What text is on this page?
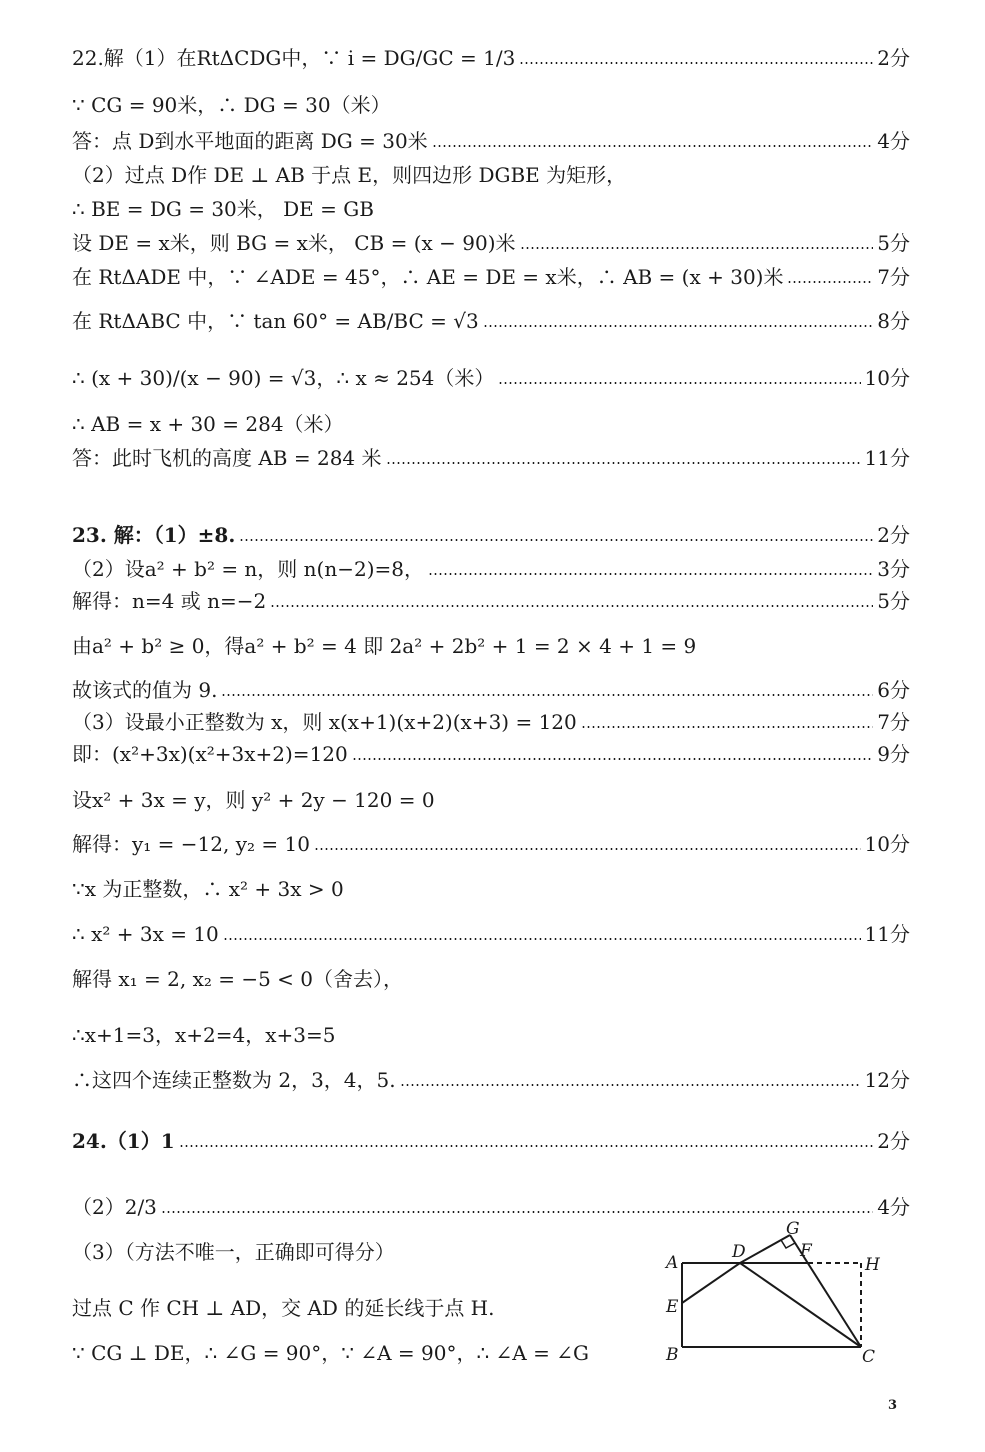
22.解（1）在RtΔCDG中，∵ i = DG/GC = 1/3	2分
∵ CG = 90米，∴ DG = 30（米）
答：点 D到水平地面的距离 DG = 30米	4分
（2）过点 D作 DE ⊥ AB 于点 E，则四边形 DGBE 为矩形，
∴ BE = DG = 30米， DE = GB
设 DE = x米，则 BG = x米， CB = (x − 90)米	5分
在 RtΔADE 中，∵ ∠ADE = 45°，∴ AE = DE = x米，∴ AB = (x + 30)米	7分
在 RtΔABC 中，∵ tan 60° = AB/BC = √3	8分
∴ (x + 30)/(x − 90) = √3，∴ x ≈ 254（米）	10分
∴ AB = x + 30 = 284（米）
答：此时飞机的高度 AB = 284 米	11分
23. 解：（1）±8.	2分
（2）设a² + b² = n，则 n(n−2)=8，	3分
解得：n=4 或 n=−2	5分
由a² + b² ≥ 0，得a² + b² = 4 即 2a² + 2b² + 1 = 2 × 4 + 1 = 9
故该式的值为 9.	6分
（3）设最小正整数为 x，则 x(x+1)(x+2)(x+3) = 120	7分
即：(x²+3x)(x²+3x+2)=120	9分
设x² + 3x = y，则 y² + 2y − 120 = 0
解得：y₁ = −12, y₂ = 10	10分
∵x 为正整数，∴ x² + 3x > 0
∴ x² + 3x = 10	11分
解得 x₁ = 2, x₂ = −5 < 0（舍去），
∴x+1=3，x+2=4，x+3=5
∴这四个连续正整数为 2，3，4，5.	12分
24.（1）1	2分
（2）2/3	4分
（3）（方法不唯一，正确即可得分）
过点 C 作 CH ⊥ AD，交 AD 的延长线于点 H.
∵ CG ⊥ DE，∴ ∠G = 90°，∵ ∠A = 90°，∴ ∠A = ∠G
A
B	C
D
E
F
G
H
3
